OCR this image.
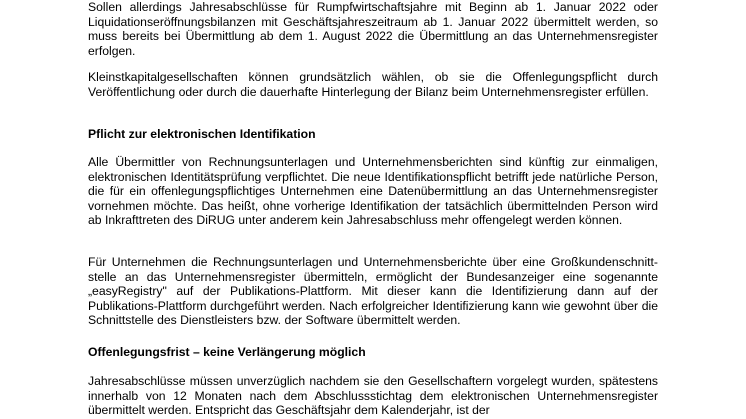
Sollen allerdings Jahresabschlüsse für Rumpfwirtschaftsjahre mit Beginn ab 1. Januar 2022 oder Liquidationseröffnungsbilanzen mit Geschäftsjahreszeitraum ab 1. Januar 2022 übermittelt werden, so muss bereits bei Übermittlung ab dem 1. August 2022 die Übermittlung an das Unternehmensregister erfolgen.

Kleinstkapitalgesellschaften können grundsätzlich wählen, ob sie die Offenlegungspflicht durch Veröffentlichung oder durch die dauerhafte Hinterlegung der Bilanz beim Unternehmensregister erfüllen.

Pflicht zur elektronischen Identifikation

Alle Übermittler von Rechnungsunterlagen und Unternehmensberichten sind künftig zur einmaligen, elektronischen Identitätsprüfung verpflichtet. Die neue Identifikationspflicht betrifft jede natürliche Person, die für ein offenlegungspflichtiges Unternehmen eine Datenübermittlung an das Unternehmensregister vornehmen möchte. Das heißt, ohne vorherige Identifikation der tatsächlich übermittelnden Person wird ab Inkrafttreten des DiRUG unter anderem kein Jahresabschluss mehr offengelegt werden können.

Für Unternehmen die Rechnungsunterlagen und Unternehmensberichte über eine Großkundenschnitt-stelle an das Unternehmensregister übermitteln, ermöglicht der Bundesanzeiger eine sogenannte „easyRegistry" auf der Publikations-Plattform. Mit dieser kann die Identifizierung dann auf der Publikations-Plattform durchgeführt werden. Nach erfolgreicher Identifizierung kann wie gewohnt über die Schnittstelle des Dienstleisters bzw. der Software übermittelt werden.

Offenlegungsfrist – keine Verlängerung möglich

Jahresabschlüsse müssen unverzüglich nachdem sie den Gesellschaftern vorgelegt wurden, spätestens innerhalb von 12 Monaten nach dem Abschlussstichtag dem elektronischen Unternehmensregister übermittelt werden. Entspricht das Geschäftsjahr dem Kalenderjahr, ist der
